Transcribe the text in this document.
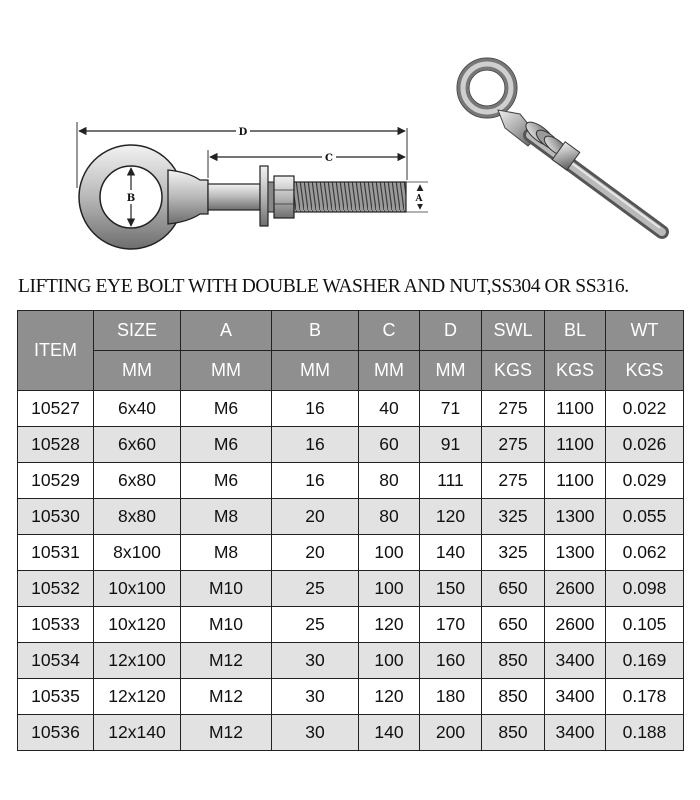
D
C
B	A
LIFTING EYE BOLT WITH DOUBLE WASHER AND NUT,SS304 OR SS316.
ITEM	SIZE	A	B	C	D	SWL	BL	WT
	MM	MM	MM	MM	MM	KGS	KGS	KGS
10527	6x40	M6	16	40	71	275	1100	0.022
10528	6x60	M6	16	60	91	275	1100	0.026
10529	6x80	M6	16	80	111	275	1100	0.029
10530	8x80	M8	20	80	120	325	1300	0.055
10531	8x100	M8	20	100	140	325	1300	0.062
10532	10x100	M10	25	100	150	650	2600	0.098
10533	10x120	M10	25	120	170	650	2600	0.105
10534	12x100	M12	30	100	160	850	3400	0.169
10535	12x120	M12	30	120	180	850	3400	0.178
10536	12x140	M12	30	140	200	850	3400	0.188
